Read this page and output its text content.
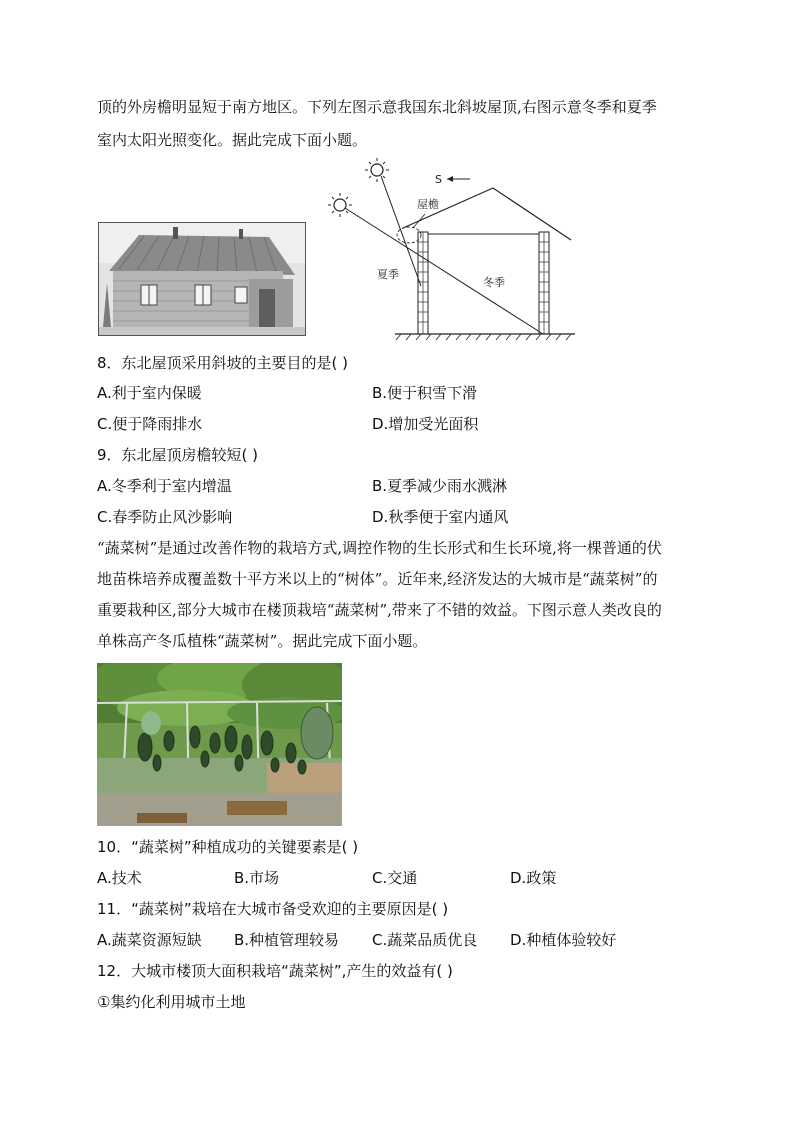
顶的外房檐明显短于南方地区。下列左图示意我国东北斜坡屋顶,右图示意冬季和夏季
室内太阳光照变化。据此完成下面小题。
S
屋檐
夏季
冬季
8．东北屋顶采用斜坡的主要目的是( )
A.利于室内保暖	B.便于积雪下滑
C.便于降雨排水	D.增加受光面积
9．东北屋顶房檐较短( )
A.冬季利于室内增温	B.夏季减少雨水溅淋
C.春季防止风沙影响	D.秋季便于室内通风
“蔬菜树”是通过改善作物的栽培方式,调控作物的生长形式和生长环境,将一棵普通的伏
地苗株培养成覆盖数十平方米以上的“树体”。近年来,经济发达的大城市是“蔬菜树”的
重要栽种区,部分大城市在楼顶栽培“蔬菜树”,带来了不错的效益。下图示意人类改良的
单株高产冬瓜植株“蔬菜树”。据此完成下面小题。
10．“蔬菜树”种植成功的关键要素是( )
A.技术	B.市场	C.交通	D.政策
11．“蔬菜树”栽培在大城市备受欢迎的主要原因是( )
A.蔬菜资源短缺 B.种植管理较易 C.蔬菜品质优良 D.种植体验较好
12．大城市楼顶大面积栽培“蔬菜树”,产生的效益有( )
①集约化利用城市土地
